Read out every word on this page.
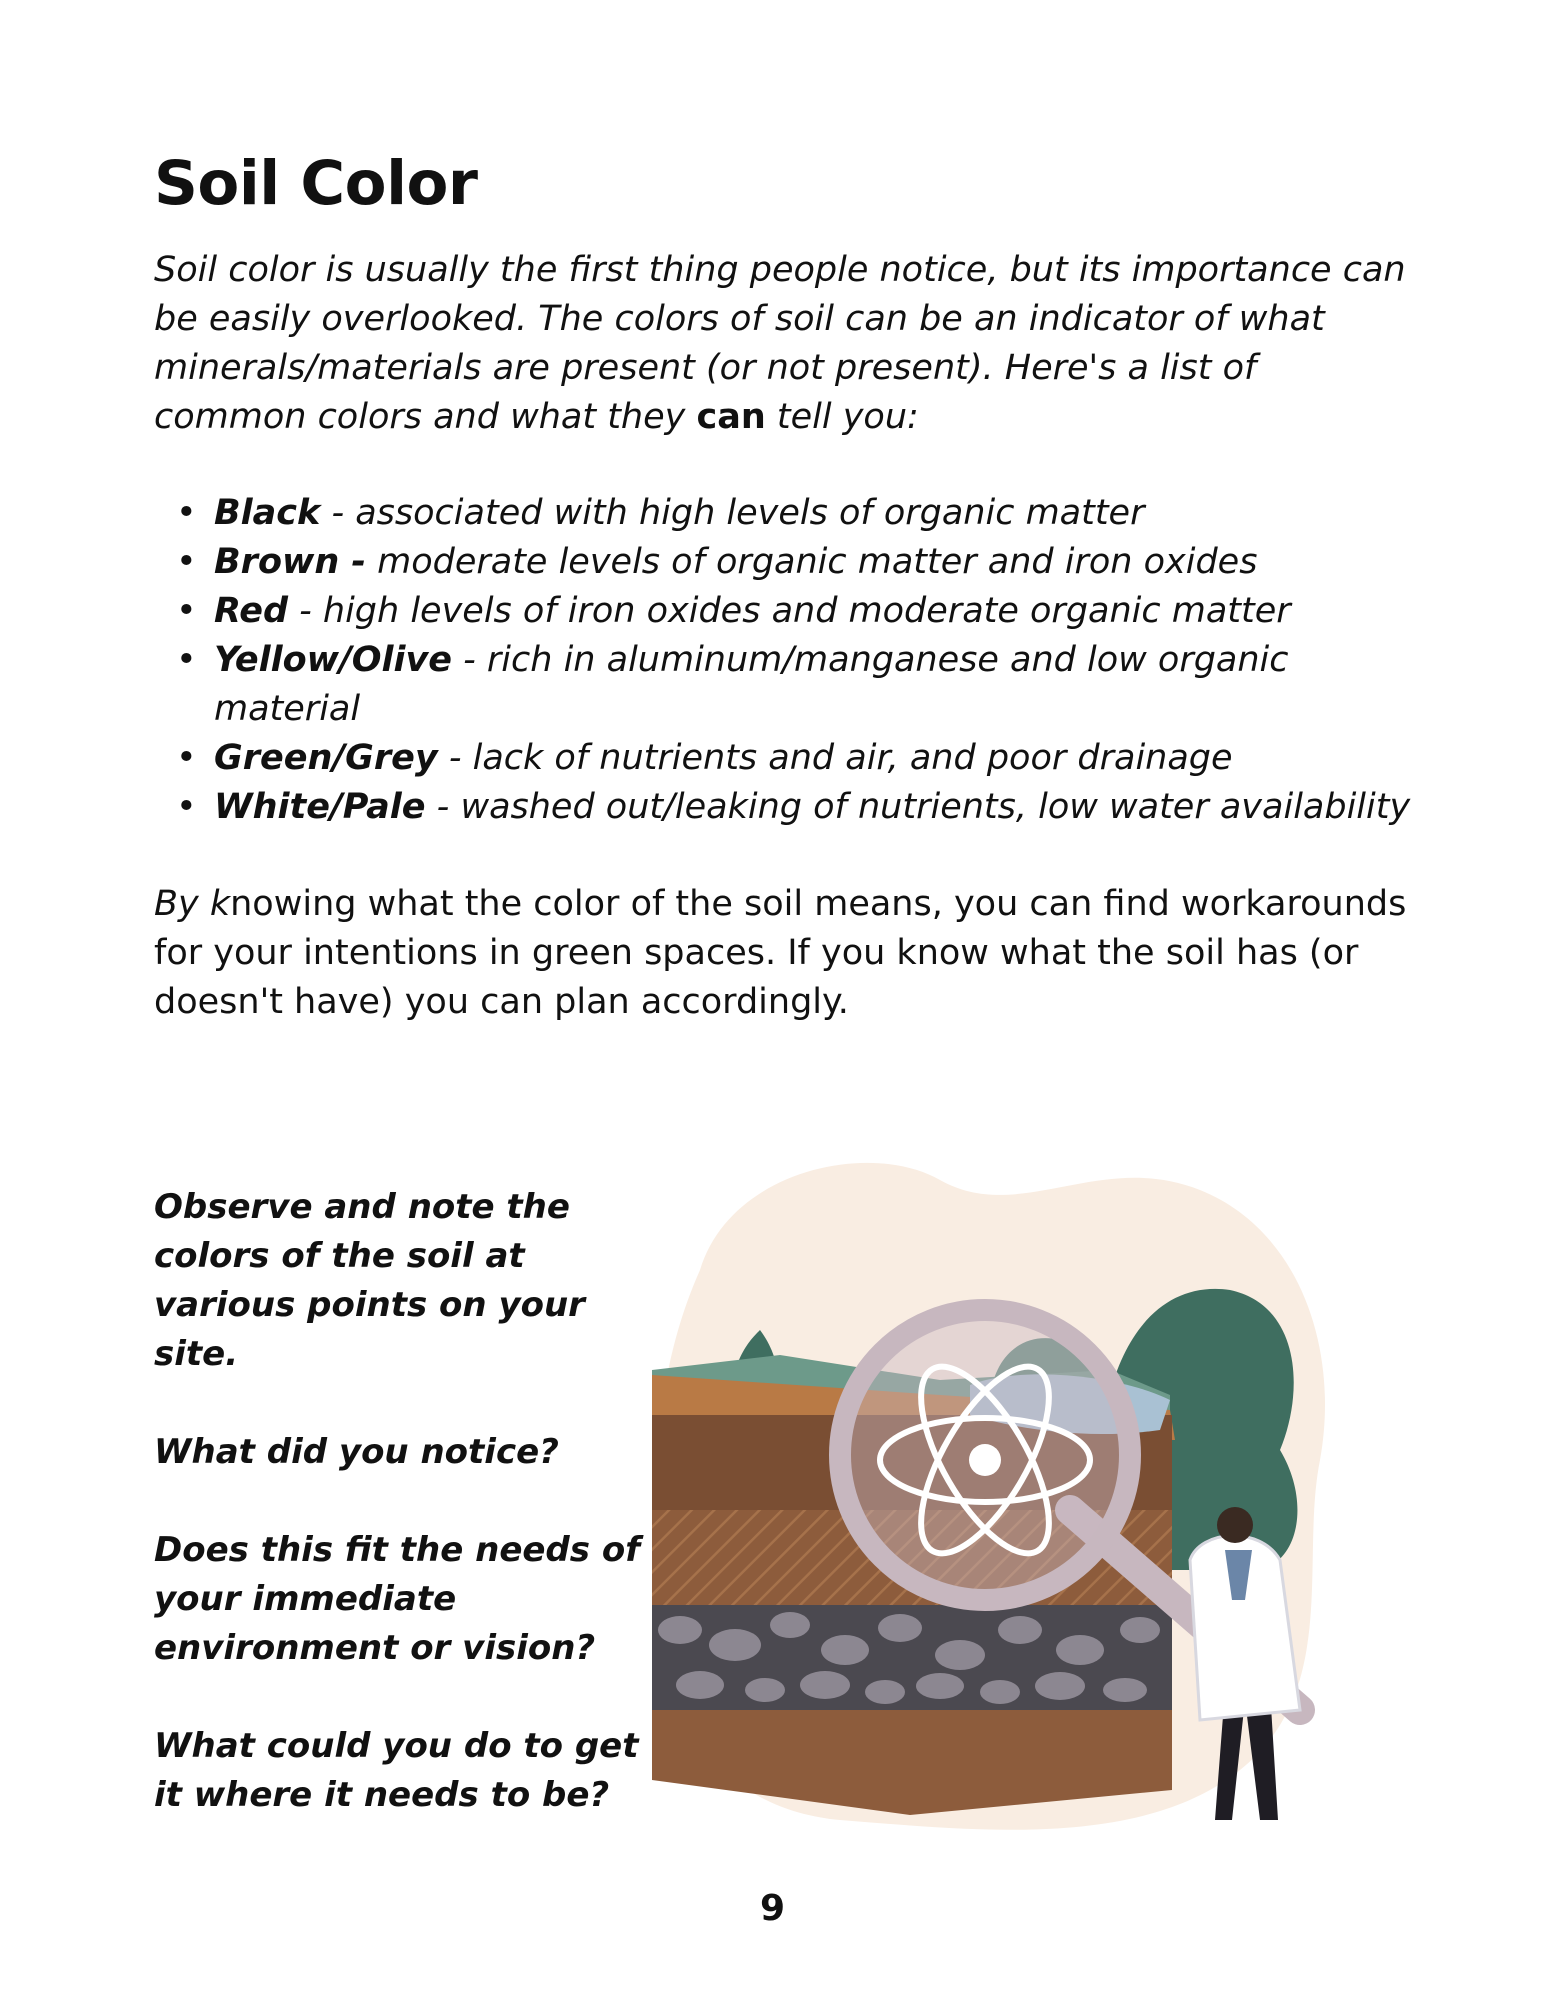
Soil Color

Soil color is usually the first thing people notice, but its importance can be easily overlooked. The colors of soil can be an indicator of what minerals/materials are present (or not present). Here's a list of common colors and what they can tell you:

• Black - associated with high levels of organic matter
• Brown - moderate levels of organic matter and iron oxides
• Red - high levels of iron oxides and moderate organic matter
• Yellow/Olive - rich in aluminum/manganese and low organic material
• Green/Grey - lack of nutrients and air, and poor drainage
• White/Pale - washed out/leaking of nutrients, low water availability

By knowing what the color of the soil means, you can find workarounds for your intentions in green spaces. If you know what the soil has (or doesn't have) you can plan accordingly.

Observe and note the colors of the soil at various points on your site.

What did you notice?

Does this fit the needs of your immediate environment or vision?

What could you do to get it where it needs to be?

9
